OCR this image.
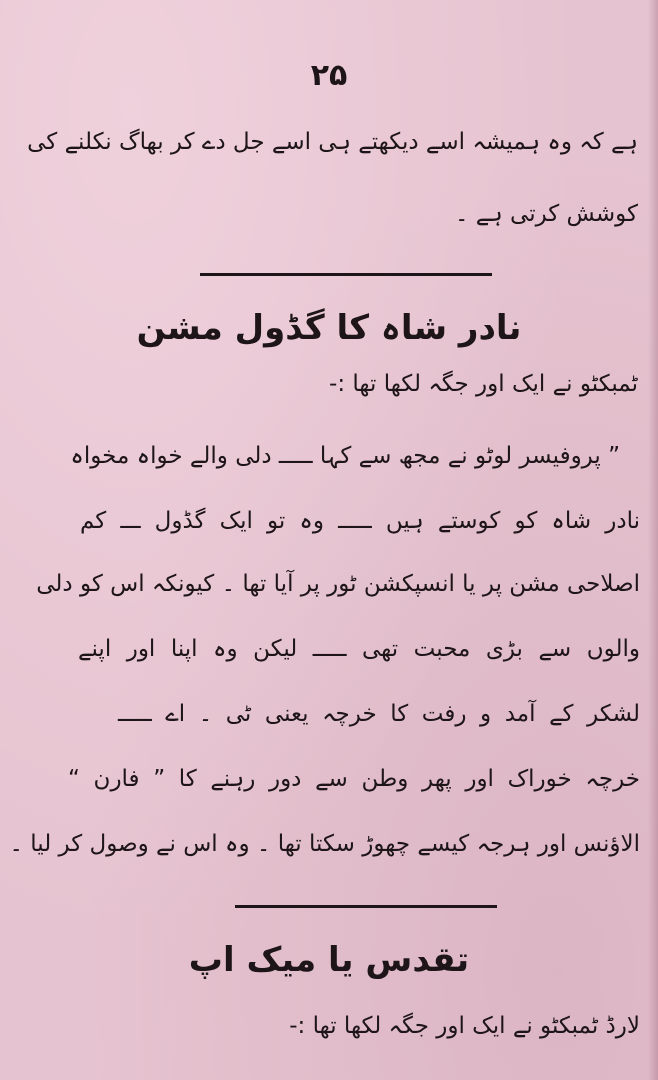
۲۵
ہے کہ وہ ہمیشہ اسے دیکھتے ہی اسے جل دے کر بھاگ نکلنے کی
کوشش کرتی ہے ۔
نادر شاہ کا گڈول مشن
ٹمبکٹو نے ایک اور جگہ لکھا تھا :-
” پروفیسر لوٹو نے مجھ سے کہا ـــــ دلی والے خواہ مخواہ
نادر شاہ کو کوستے ہیں ـــــ وہ تو ایک گڈول ـــ کم
اصلاحی مشن پر یا انسپکشن ٹور پر آیا تھا ۔ کیونکہ اس کو دلی
والوں سے بڑی محبت تھی ـــــ لیکن وہ اپنا اور اپنے
لشکر کے آمد و رفت کا خرچہ یعنی ٹی ۔ اے ـــــ
خرچہ خوراک اور پھر وطن سے دور رہنے کا ” فارن “
الاؤنس اور ہرجہ کیسے چھوڑ سکتا تھا ۔ وہ اس نے وصول کر لیا ۔
تقدس یا میک اپ
لارڈ ٹمبکٹو نے ایک اور جگہ لکھا تھا :-
